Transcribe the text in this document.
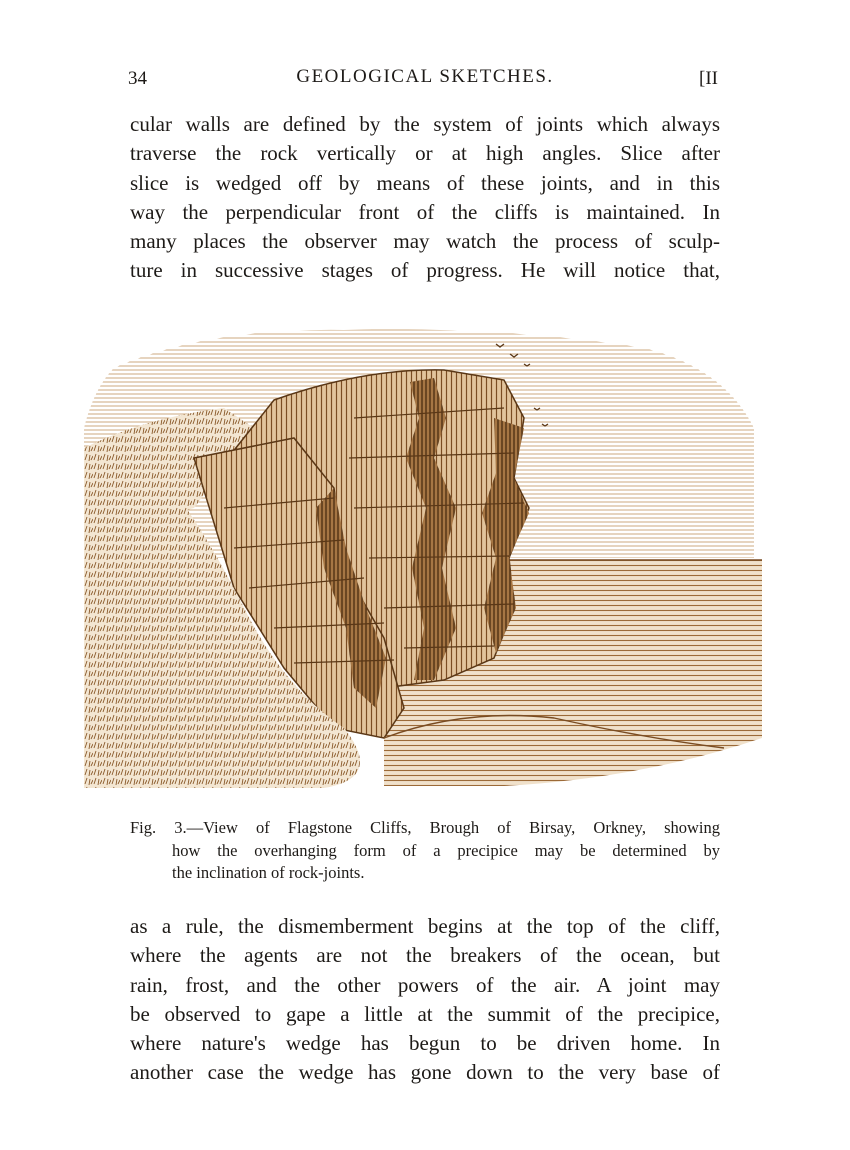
34	GEOLOGICAL SKETCHES.	[II
cular walls are defined by the system of joints which always
traverse the rock vertically or at high angles. Slice after
slice is wedged off by means of these joints, and in this
way the perpendicular front of the cliffs is maintained. In
many places the observer may watch the process of sculp-
ture in successive stages of progress. He will notice that,
Fig. 3.—View of Flagstone Cliffs, Brough of Birsay, Orkney, showing
how the overhanging form of a precipice may be determined by
the inclination of rock-joints.
as a rule, the dismemberment begins at the top of the cliff,
where the agents are not the breakers of the ocean, but
rain, frost, and the other powers of the air. A joint may
be observed to gape a little at the summit of the precipice,
where nature's wedge has begun to be driven home. In
another case the wedge has gone down to the very base of
